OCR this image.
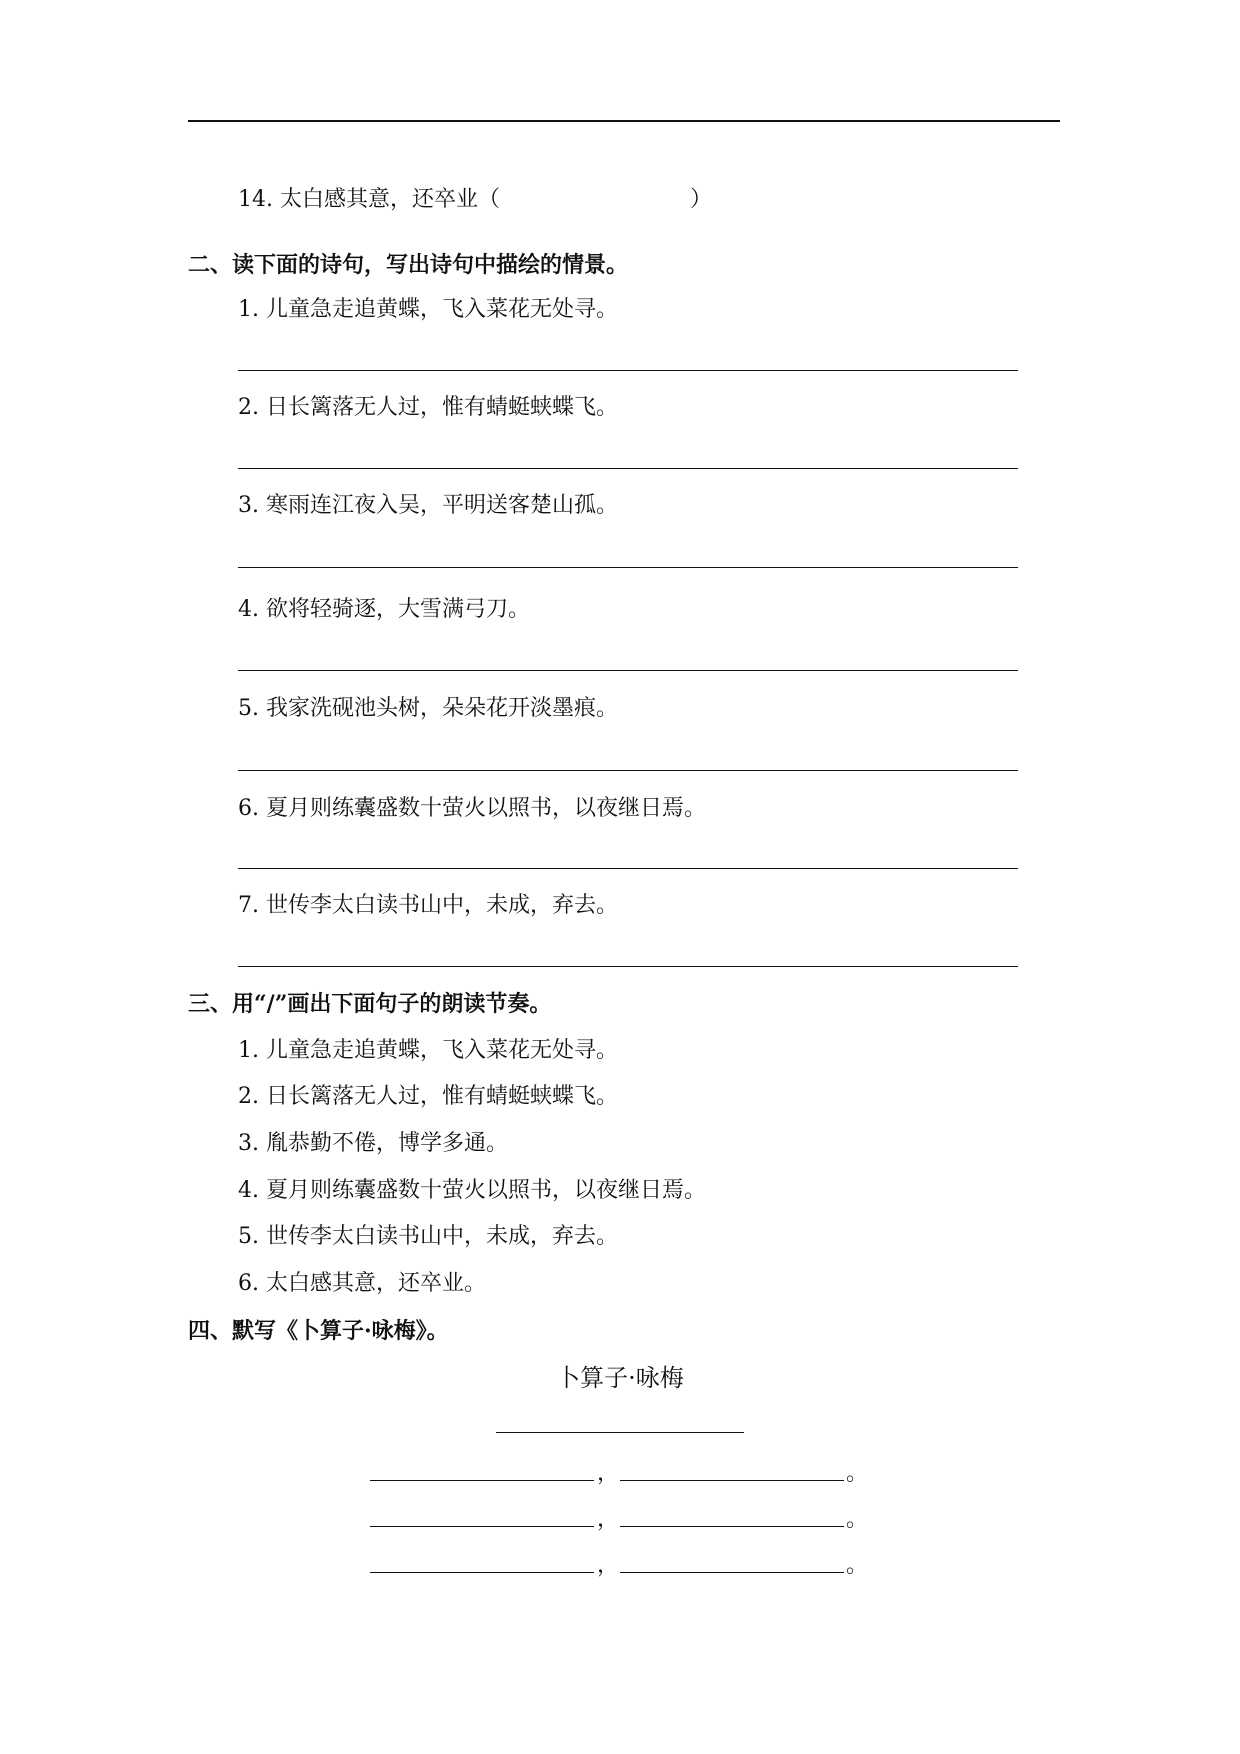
14. 太白感其意，还卒业（	）
二、读下面的诗句，写出诗句中描绘的情景。
1. 儿童急走追黄蝶，飞入菜花无处寻。
2. 日长篱落无人过，惟有蜻蜓蛱蝶飞。
3. 寒雨连江夜入吴，平明送客楚山孤。
4. 欲将轻骑逐，大雪满弓刀。
5. 我家洗砚池头树，朵朵花开淡墨痕。
6. 夏月则练囊盛数十萤火以照书，以夜继日焉。
7. 世传李太白读书山中，未成，弃去。
三、用“/”画出下面句子的朗读节奏。
1. 儿童急走追黄蝶，飞入菜花无处寻。
2. 日长篱落无人过，惟有蜻蜓蛱蝶飞。
3. 胤恭勤不倦，博学多通。
4. 夏月则练囊盛数十萤火以照书，以夜继日焉。
5. 世传李太白读书山中，未成，弃去。
6. 太白感其意，还卒业。
四、默写《卜算子·咏梅》。
卜算子·咏梅
，	。
，	。
，	。
